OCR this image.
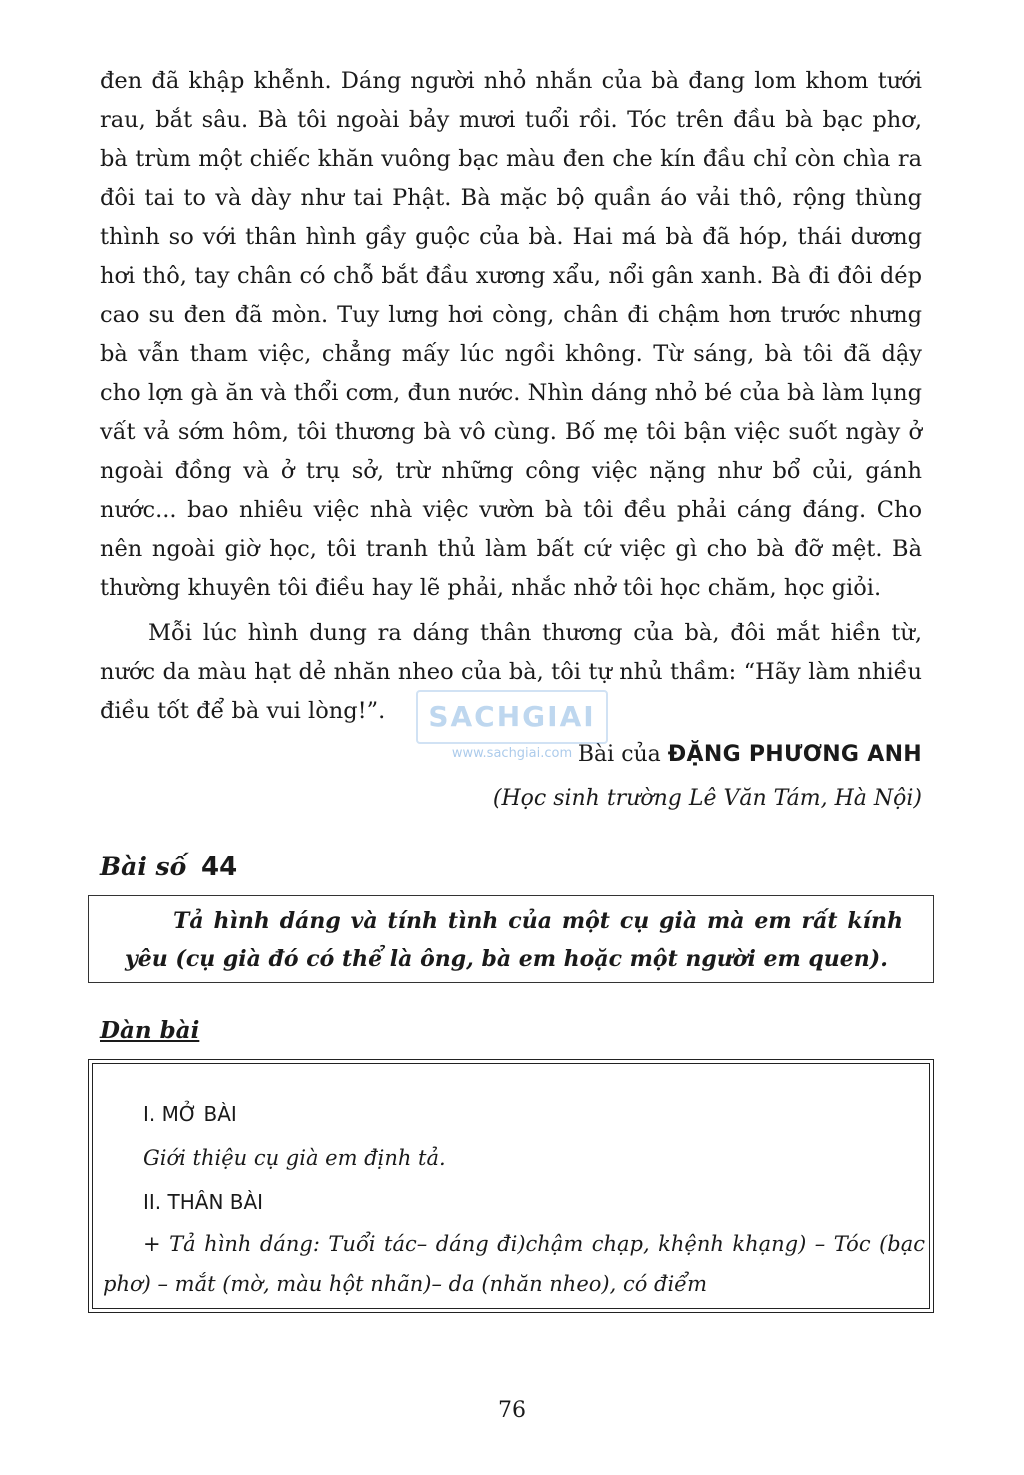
đen đã khập khễnh. Dáng người nhỏ nhắn của bà đang lom khom tưới rau, bắt sâu. Bà tôi ngoài bảy mươi tuổi rồi. Tóc trên đầu bà bạc phơ, bà trùm một chiếc khăn vuông bạc màu đen che kín đầu chỉ còn chìa ra đôi tai to và dày như tai Phật. Bà mặc bộ quần áo vải thô, rộng thùng thình so với thân hình gầy guộc của bà. Hai má bà đã hóp, thái dương hơi thô, tay chân có chỗ bắt đầu xương xẩu, nổi gân xanh. Bà đi đôi dép cao su đen đã mòn. Tuy lưng hơi còng, chân đi chậm hơn trước nhưng bà vẫn tham việc, chẳng mấy lúc ngồi không. Từ sáng, bà tôi đã dậy cho lợn gà ăn và thổi cơm, đun nước. Nhìn dáng nhỏ bé của bà làm lụng vất vả sớm hôm, tôi thương bà vô cùng. Bố mẹ tôi bận việc suốt ngày ở ngoài đồng và ở trụ sở, trừ những công việc nặng như bổ củi, gánh nước... bao nhiêu việc nhà việc vườn bà tôi đều phải cáng đáng. Cho nên ngoài giờ học, tôi tranh thủ làm bất cứ việc gì cho bà đỡ mệt. Bà thường khuyên tôi điều hay lẽ phải, nhắc nhở tôi học chăm, học giỏi.

Mỗi lúc hình dung ra dáng thân thương của bà, đôi mắt hiền từ, nước da màu hạt dẻ nhăn nheo của bà, tôi tự nhủ thầm: “Hãy làm nhiều điều tốt để bà vui lòng!”.

Bài của ĐẶNG PHƯƠNG ANH
(Học sinh trường Lê Văn Tám, Hà Nội)
Bài số 44
Tả hình dáng và tính tình của một cụ già mà em rất kính yêu (cụ già đó có thể là ông, bà em hoặc một người em quen).
Dàn bài
I. MỞ BÀI
Giới thiệu cụ già em định tả.
II. THÂN BÀI
+ Tả hình dáng: Tuổi tác– dáng đi)chậm chạp, khệnh khạng) – Tóc (bạc phơ) – mắt (mờ, màu hột nhãn)– da (nhăn nheo), có điểm
SACHGIAI
www.sachgiai.com
76
